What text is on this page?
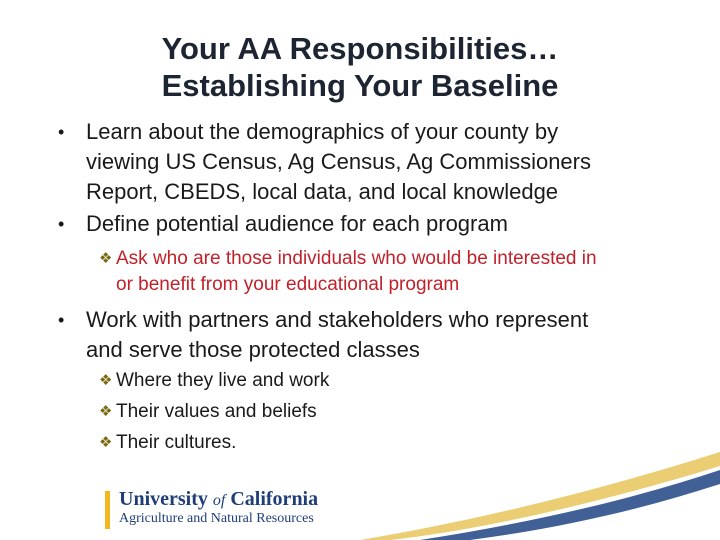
Your AA Responsibilities…
Establishing Your Baseline
• Learn about the demographics of your county by
viewing US Census, Ag Census, Ag Commissioners
Report, CBEDS, local data, and local knowledge
• Define potential audience for each program
❖ Ask who are those individuals who would be interested in
or benefit from your educational program
• Work with partners and stakeholders who represent
and serve those protected classes
❖ Where they live and work
❖ Their values and beliefs
❖ Their cultures.
University of California
Agriculture and Natural Resources
